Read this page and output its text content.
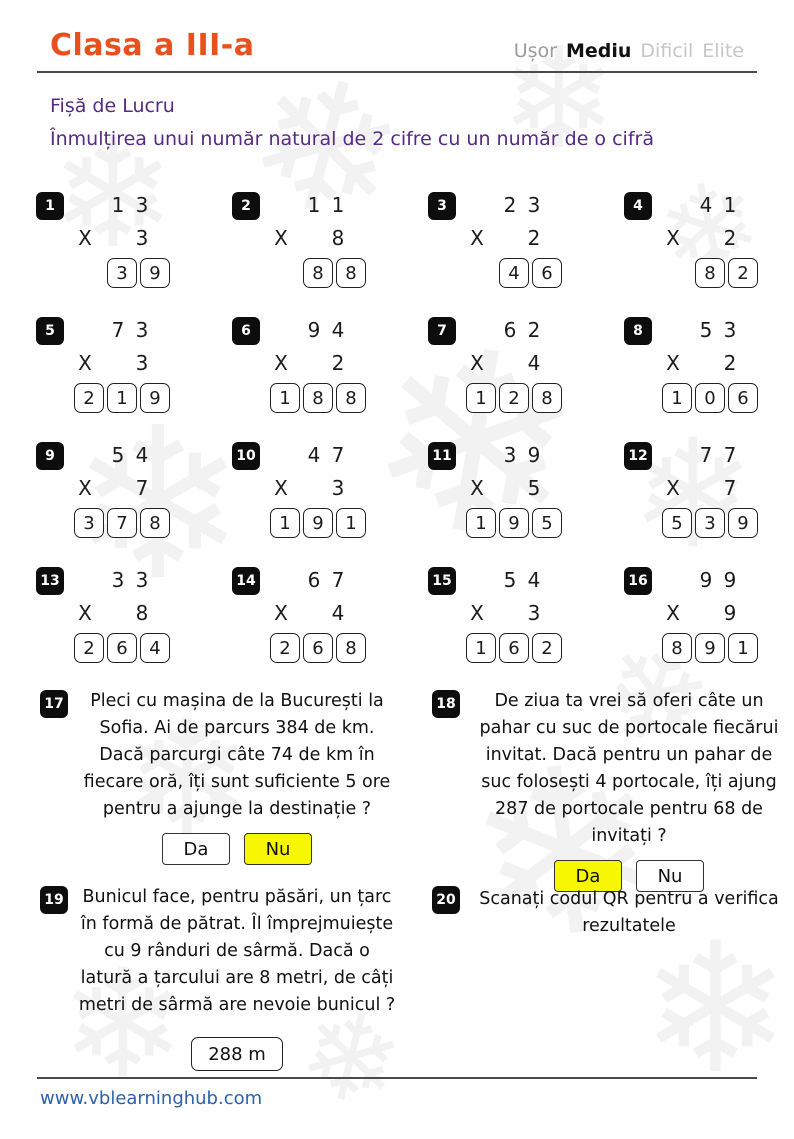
❄
❄
❄
❄
❄
❄
❄
❄
❄
❄
❄
❄
❄
Clasa a III-a	Ușor Mediu Dificil Elite
Fișă de Lucru
Înmulțirea unui număr natural de 2 cifre cu un număr de o cifră
1	1 3
X	3
3	9
2	1 1
X	8
8	8
3	2 3
X	2
4	6
4	4 1
X	2
8	2
5	7 3
X	3
2	1	9
6	9 4
X	2
1	8	8
7	6 2
X	4
1	2	8
8	5 3
X	2
1	0	6
9	5 4
X	7
3	7	8
10	4 7
X	3
1	9	1
11	3 9
X	5
1	9	5
12	7 7
X	7
5	3	9
13	3 3
X	8
2	6	4
14	6 7
X	4
2	6	8
15	5 4
X	3
1	6	2
16	9 9
X	9
8	9	1
17	Pleci cu mașina de la București la Sofia. Ai de parcurs 384 de km. Dacă parcurgi câte 74 de km în fiecare oră, îți sunt suficiente 5 ore pentru a ajunge la destinație ?

Da	Nu
18	De ziua ta vrei să oferi câte un pahar cu suc de portocale fiecărui invitat. Dacă pentru un pahar de suc folosești 4 portocale, îți ajung 287 de portocale pentru 68 de invitați ?

Da	Nu
19 Bunicul face, pentru păsări, un țarc în formă de pătrat. Îl împrejmuiește cu 9 rânduri de sârmă. Dacă o latură a țarcului are 8 metri, de câți metri de sârmă are nevoie bunicul ?

288 m
20	Scanați codul QR pentru a verifica rezultatele

www.vblearninghub.com
